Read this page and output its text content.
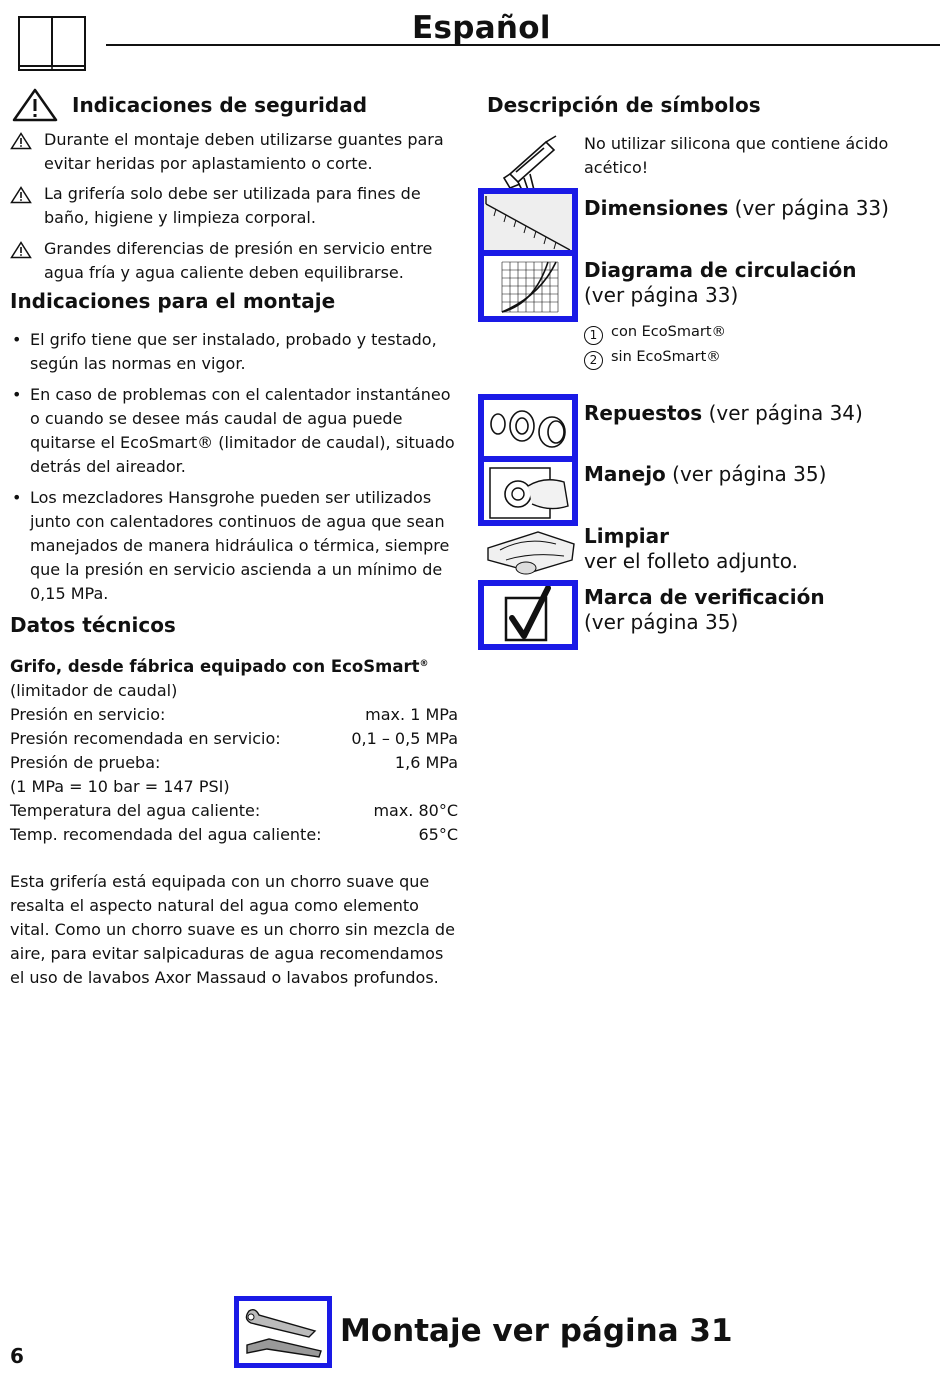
Español
Indicaciones de seguridad
Durante el montaje deben utilizarse guantes para evitar heridas por aplastamiento o corte.
La grifería solo debe ser utilizada para fines de baño, higiene y limpieza corporal.
Grandes diferencias de presión en servicio entre agua fría y agua caliente deben equilibrarse.
Indicaciones para el montaje
• El grifo tiene que ser instalado, probado y testado, según las normas en vigor.
• En caso de problemas con el calentador instantáneo o cuando se desee más caudal de agua puede quitarse el EcoSmart® (limitador de caudal), situado detrás del aireador.
• Los mezcladores Hansgrohe pueden ser utilizados junto con calentadores continuos de agua que sean manejados de manera hidráulica o térmica, siempre que la presión en servicio ascienda a un mínimo de 0,15 MPa.
Datos técnicos
Grifo, desde fábrica equipado con EcoSmart®
(limitador de caudal)
Presión en servicio:	max. 1 MPa
Presión recomendada en servicio:	0,1 – 0,5 MPa
Presión de prueba:	1,6 MPa
(1 MPa = 10 bar = 147 PSI)
Temperatura del agua caliente:	max. 80°C
Temp. recomendada del agua caliente:	65°C
Esta grifería está equipada con un chorro suave que resalta el aspecto natural del agua como elemento vital. Como un chorro suave es un chorro sin mezcla de aire, para evitar salpicaduras de agua recomendamos el uso de lavabos Axor Massaud o lavabos profundos.
Descripción de símbolos
No utilizar silicona que contiene ácido acético!
Dimensiones (ver página 33)
Diagrama de circulación
(ver página 33)
1 con EcoSmart®
2 sin EcoSmart®
Repuestos (ver página 34)
Manejo (ver página 35)
Limpiar
ver el folleto adjunto.
Marca de verificación
(ver página 35)
Montaje ver página 31
6
